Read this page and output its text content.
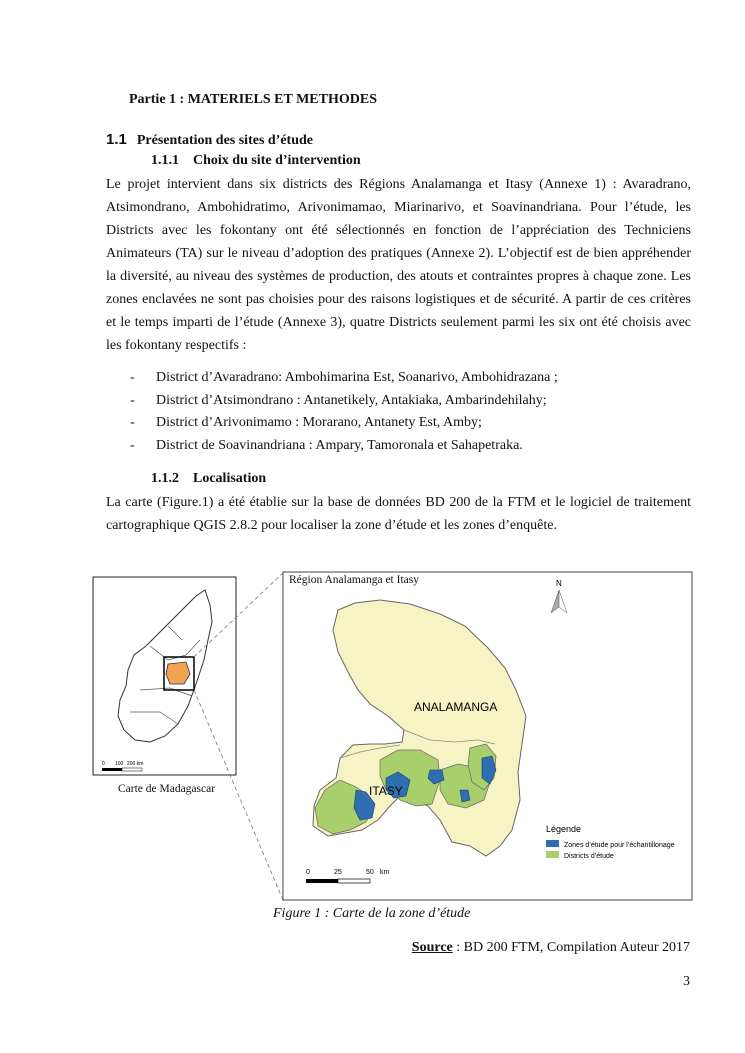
Partie 1 : MATERIELS ET METHODES
1.1 Présentation des sites d’étude
1.1.1 Choix du site d’intervention

Le projet intervient dans six districts des Régions Analamanga et Itasy (Annexe 1) : Avaradrano, Atsimondrano, Ambohidratimo, Arivonimamao, Miarinarivo, et Soavinandriana. Pour l’étude, les Districts avec les fokontany ont été sélectionnés en fonction de l’appréciation des Techniciens Animateurs (TA) sur le niveau d’adoption des pratiques (Annexe 2). L’objectif est de bien appréhender la diversité, au niveau des systèmes de production, des atouts et contraintes propres à chaque zone. Les zones enclavées ne sont pas choisies pour des raisons logistiques et de sécurité. A partir de ces critères et le temps imparti de l’étude (Annexe 3), quatre Districts seulement parmi les six ont été choisis avec les fokontany respectifs :

- District d’Avaradrano: Ambohimarina Est, Soanarivo, Ambohidrazana ;
- District d’Atsimondrano : Antanetikely, Antakiaka, Ambarindehilahy;
- District d’Arivonimamo : Morarano, Antanety Est, Amby;
- District de Soavinandriana : Ampary, Tamoronala et Sahapetraka.
1.1.2 Localisation

La carte (Figure.1) a été établie sur la base de données BD 200 de la FTM et le logiciel de traitement cartographique QGIS 2.8.2 pour localiser la zone d’étude et les zones d’enquête.

0 100 200 km
ANALAMANGA
ITASY
N
Légende
Zones d’étude pour l’échantillonage
Districts d’étude
0	25	50 km
Région Analamanga et Itasy
Carte de Madagascar
Figure 1 : Carte de la zone d’étude
Source : BD 200 FTM, Compilation Auteur 2017
3
